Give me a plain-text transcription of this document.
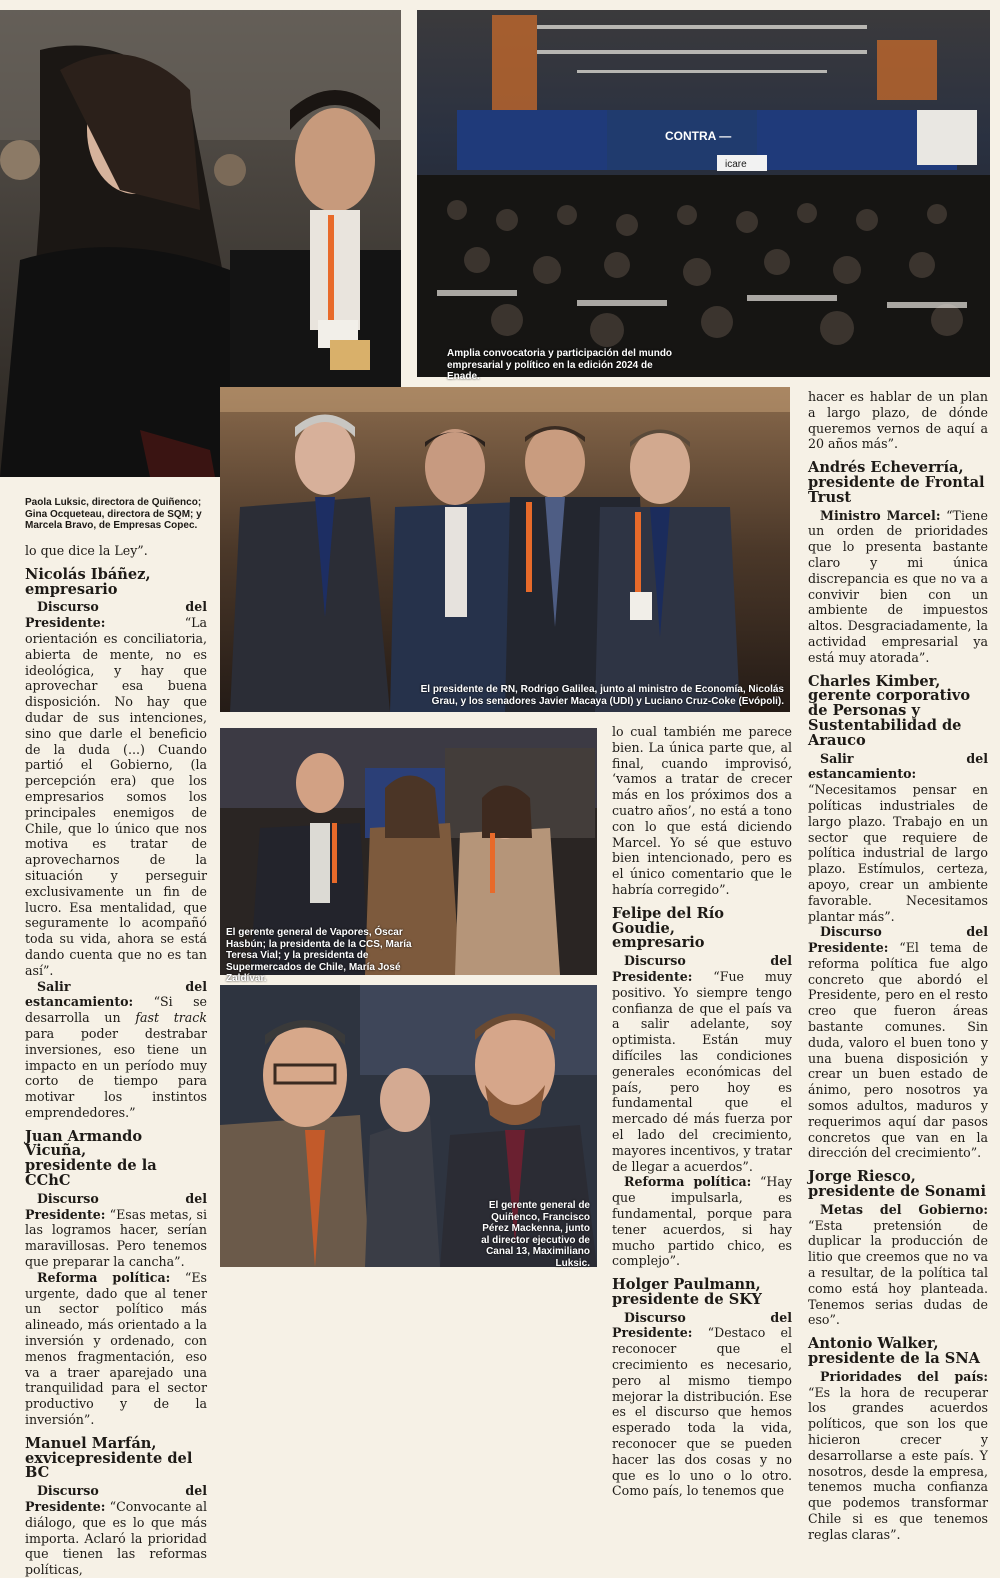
CONTRA —
icare
Amplia convocatoria y participación del mundo empresarial y político en la edición 2024 de Enade.
Paola Luksic, directora de Quiñenco; Gina Ocqueteau, directora de SQM; y Marcela Bravo, de Empresas Copec.
El presidente de RN, Rodrigo Galilea, junto al ministro de Economía, Nicolás Grau, y los senadores Javier Macaya (UDI) y Luciano Cruz-Coke (Evópoli).
El gerente general de Vapores, Óscar Hasbún; la presidenta de la CCS, María Teresa Vial; y la presidenta de Supermercados de Chile, María José Zaldívar.
El gerente general de Quiñenco, Francisco Pérez Mackenna, junto al director ejecutivo de Canal 13, Maximiliano Luksic.

lo que dice la Ley”.

Nicolás Ibáñez,
empresario

Discurso del Presidente:	“La orientación es conciliatoria, abierta de mente, no es ideológica, y hay que aprovechar esa buena disposición. No hay que dudar de sus intenciones, sino que darle el beneficio de la duda (...) Cuando partió el Gobierno, (la percepción era) que los empresarios somos los principales enemigos de Chile, que lo único que nos motiva es tratar de aprovecharnos de la situación y perseguir exclusivamente un fin de lucro. Esa mentalidad, que seguramente lo acompañó toda su vida, ahora se está dando cuenta que no es tan así”.

Salir del estancamiento: “Si se desarrolla un fast track para poder destrabar inversiones, eso tiene un impacto en un período muy corto de tiempo para motivar los instintos emprendedores.”

Juan Armando Vicuña,
presidente de la CChC

Discurso del Presidente: “Esas metas, si las logramos hacer, serían maravillosas. Pero tenemos que preparar la cancha”.

Reforma política: “Es urgente, dado que al tener un sector político más alineado, más orientado a la inversión y ordenado, con menos fragmentación, eso va a traer aparejado una tranquilidad para el sector productivo y de la inversión”.

Manuel Marfán,
exvicepresidente del BC

Discurso del Presidente: “Convocante al diálogo, que es lo que más importa. Aclaró la prioridad que tienen las reformas políticas,

lo cual también me parece bien. La única parte que, al final, cuando improvisó, ‘vamos a tratar de crecer más en los próximos dos a cuatro años’, no está a tono con lo que está diciendo Marcel. Yo sé que estuvo bien intencionado, pero es el único comentario que le habría corregido”.

Felipe del Río Goudie,
empresario

Discurso del Presidente: “Fue muy positivo. Yo siempre tengo confianza de que el país va a salir adelante, soy optimista. Están muy difíciles las condiciones generales económicas del país, pero hoy es fundamental que el mercado dé más fuerza por el lado del crecimiento, mayores incentivos, y tratar de llegar a acuerdos”.

Reforma política: “Hay que impulsarla, es fundamental, porque para tener acuerdos, si hay mucho partido chico, es complejo”.

Holger Paulmann,
presidente de SKY

Discurso del Presidente: “Destaco el reconocer que el crecimiento es necesario, pero al mismo tiempo mejorar la distribución. Ese es el discurso que hemos esperado toda la vida, reconocer que se pueden hacer las dos cosas y no que es lo uno o lo otro. Como país, lo tenemos que

hacer es hablar de un plan a largo plazo, de dónde queremos vernos de aquí a 20 años más”.

Andrés Echeverría,
presidente de Frontal Trust

Ministro Marcel: “Tiene un orden de prioridades que lo presenta bastante claro y mi única discrepancia es que no va a convivir bien con un ambiente de impuestos altos. Desgraciadamente, la actividad empresarial ya está muy atorada”.

Charles Kimber, gerente corporativo de Personas y Sustentabilidad de Arauco

Salir del estancamiento: “Necesitamos pensar en políticas industriales de largo plazo. Trabajo en un sector que requiere de política industrial de largo plazo. Estímulos, certeza, apoyo, crear un ambiente favorable. Necesitamos plantar más”.

Discurso del Presidente: “El tema de reforma política fue algo concreto que abordó el Presidente, pero en el resto creo que fueron áreas bastante comunes. Sin duda, valoro el buen tono y una buena disposición y crear un buen estado de ánimo, pero nosotros ya somos adultos, maduros y requerimos aquí dar pasos concretos que van en la dirección del crecimiento”.

Jorge Riesco, presidente de Sonami

Metas del Gobierno: “Esta pretensión de duplicar la producción de litio que creemos que no va a resultar, de la política tal como está hoy planteada. Tenemos serias dudas de eso”.

Antonio Walker,
presidente de la SNA

Prioridades del país: “Es la hora de recuperar los grandes acuerdos políticos, que son los que hicieron crecer y desarrollarse a este país. Y nosotros, desde la empresa, tenemos mucha confianza que podemos transformar Chile si es que tenemos reglas claras”.
